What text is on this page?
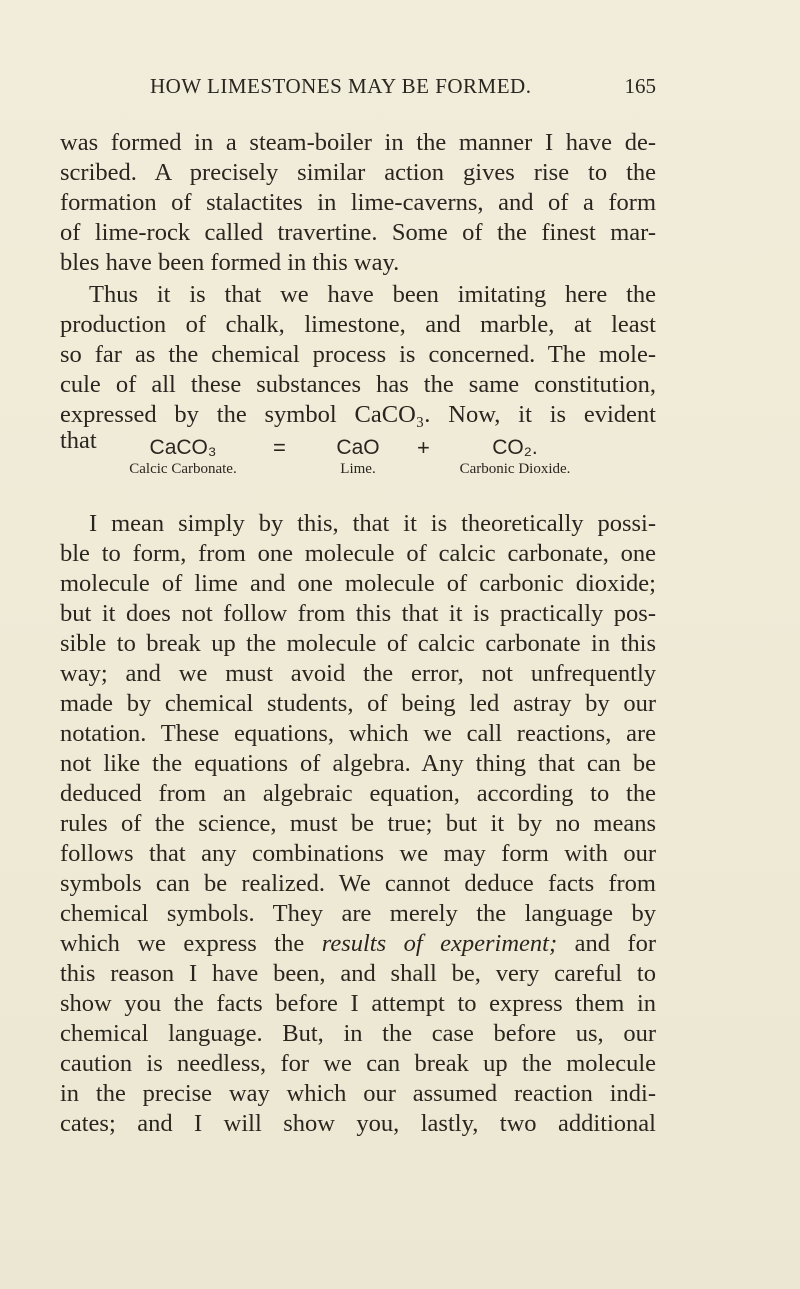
HOW LIMESTONES MAY BE FORMED.	165
was formed in a steam-boiler in the manner I have de-
scribed. A precisely similar action gives rise to the
formation of stalactites in lime-caverns, and of a form
of lime-rock called travertine. Some of the finest mar-
bles have been formed in this way.
Thus it is that we have been imitating here the
production of chalk, limestone, and marble, at least
so far as the chemical process is concerned. The mole-
cule of all these substances has the same constitution,
expressed by the symbol CaCO₃. Now, it is evident
that	CaCO₃
Calcic Carbonate.
=	CaO
Lime.
+	CO₂.
Carbonic Dioxide.
I mean simply by this, that it is theoretically possi-
ble to form, from one molecule of calcic carbonate, one
molecule of lime and one molecule of carbonic dioxide;
but it does not follow from this that it is practically pos-
sible to break up the molecule of calcic carbonate in this
way; and we must avoid the error, not unfrequently
made by chemical students, of being led astray by our
notation. These equations, which we call reactions, are
not like the equations of algebra. Any thing that can be
deduced from an algebraic equation, according to the
rules of the science, must be true; but it by no means
follows that any combinations we may form with our
symbols can be realized. We cannot deduce facts from
chemical symbols. They are merely the language by
which we express the results of experiment; and for
this reason I have been, and shall be, very careful to
show you the facts before I attempt to express them in
chemical language. But, in the case before us, our
caution is needless, for we can break up the molecule
in the precise way which our assumed reaction indi-
cates; and I will show you, lastly, two additional
